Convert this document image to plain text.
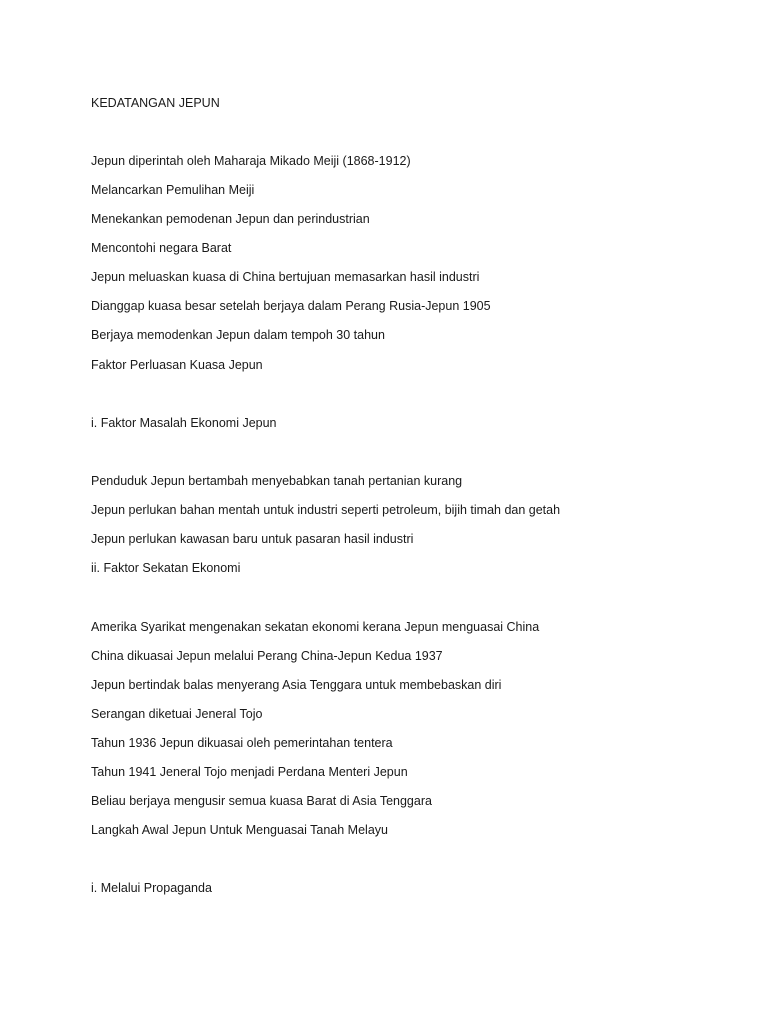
KEDATANGAN JEPUN
Jepun diperintah oleh Maharaja Mikado Meiji (1868-1912)
Melancarkan Pemulihan Meiji
Menekankan pemodenan Jepun dan perindustrian
Mencontohi negara Barat
Jepun meluaskan kuasa di China bertujuan memasarkan hasil industri
Dianggap kuasa besar setelah berjaya dalam Perang Rusia-Jepun 1905
Berjaya memodenkan Jepun dalam tempoh 30 tahun
Faktor Perluasan Kuasa Jepun
i. Faktor Masalah Ekonomi Jepun
Penduduk Jepun bertambah menyebabkan tanah pertanian kurang
Jepun perlukan bahan mentah untuk industri seperti petroleum, bijih timah dan getah
Jepun perlukan kawasan baru untuk pasaran hasil industri
ii. Faktor Sekatan Ekonomi
Amerika Syarikat mengenakan sekatan ekonomi kerana Jepun menguasai China
China dikuasai Jepun melalui Perang China-Jepun Kedua 1937
Jepun bertindak balas menyerang Asia Tenggara untuk membebaskan diri
Serangan diketuai Jeneral Tojo
Tahun 1936 Jepun dikuasai oleh pemerintahan tentera
Tahun 1941 Jeneral Tojo menjadi Perdana Menteri Jepun
Beliau berjaya mengusir semua kuasa Barat di Asia Tenggara
Langkah Awal Jepun Untuk Menguasai Tanah Melayu
i. Melalui Propaganda
